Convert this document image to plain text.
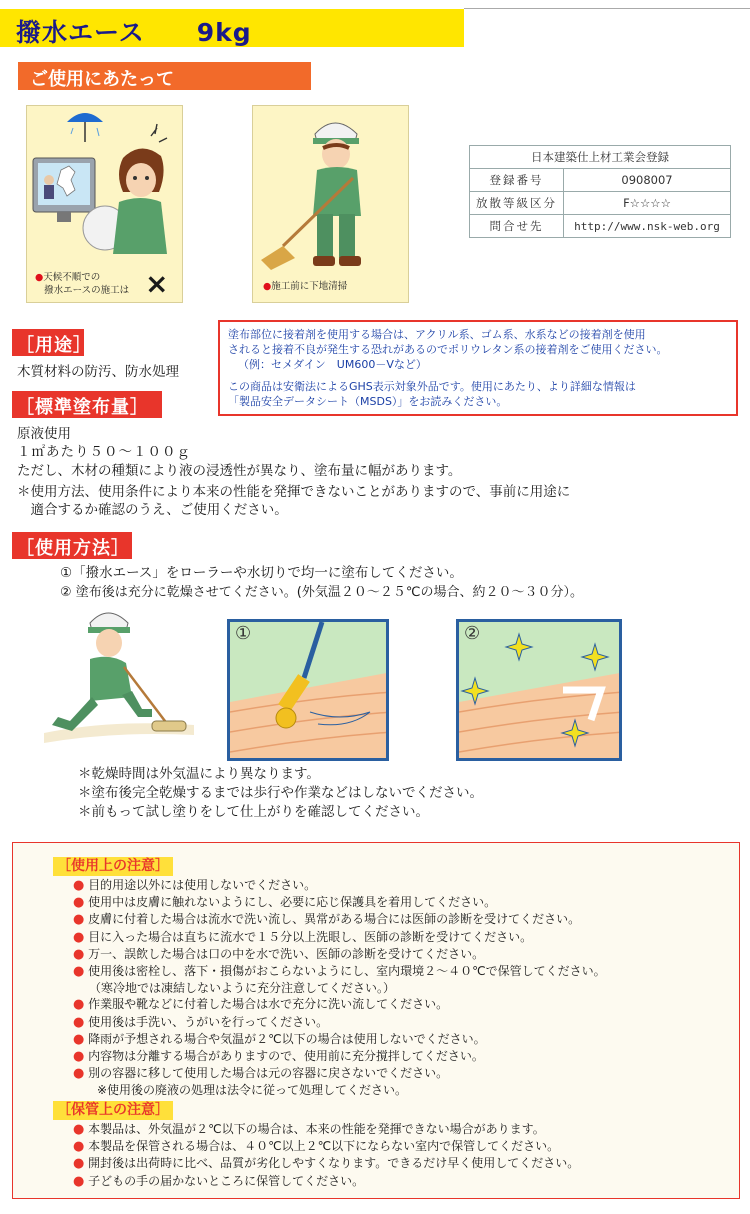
撥水エース　　9kg
ご使用にあたって
●天候不順での
撥水エースの施工は ×	●施工前に下地清掃
日本建築仕上材工業会登録	
登録番号	0908007
放散等級区分	F☆☆☆☆
問合せ先	http://www.nsk-web.org
［用途］
木質材料の防汚、防水処理
塗布部位に接着剤を使用する場合は、アクリル系、ゴム系、水系などの接着剤を使用
されると接着不良が発生する恐れがあるのでポリウレタン系の接着剤をご使用ください。
（例：セメダイン　UM600－Vなど）
この商品は安衛法によるGHS表示対象外品です。使用にあたり、より詳細な情報は
「製品安全データシート（MSDS）」をお読みください。
［標準塗布量］
原液使用
１㎡あたり５０～１００ｇ
ただし、木材の種類により液の浸透性が異なり、塗布量に幅があります。
＊使用方法、使用条件により本来の性能を発揮できないことがありますので、事前に用途に
　適合するか確認のうえ、ご使用ください。
［使用方法］
①「撥水エース」をローラーや水切りで均一に塗布してください。
② 塗布後は充分に乾燥させてください。(外気温２０～２５℃の場合、約２０～３０分）。
①	②
＊乾燥時間は外気温により異なります。
＊塗布後完全乾燥するまでは歩行や作業などはしないでください。
＊前もって試し塗りをして仕上がりを確認してください。
［使用上の注意］
● 目的用途以外には使用しないでください。
● 使用中は皮膚に触れないようにし、必要に応じ保護具を着用してください。
● 皮膚に付着した場合は流水で洗い流し、異常がある場合には医師の診断を受けてください。
● 目に入った場合は直ちに流水で１５分以上洗眼し、医師の診断を受けてください。
● 万一、誤飲した場合は口の中を水で洗い、医師の診断を受けてください。
● 使用後は密栓し、落下・損傷がおこらないようにし、室内環境２～４０℃で保管してください。
（寒冷地では凍結しないように充分注意してください。）
● 作業服や靴などに付着した場合は水で充分に洗い流してください。
● 使用後は手洗い、うがいを行ってください。
● 降雨が予想される場合や気温が２℃以下の場合は使用しないでください。
● 内容物は分離する場合がありますので、使用前に充分撹拌してください。
● 別の容器に移して使用した場合は元の容器に戻さないでください。
※使用後の廃液の処理は法令に従って処理してください。
［保管上の注意］
● 本製品は、外気温が２℃以下の場合は、本来の性能を発揮できない場合があります。
● 本製品を保管される場合は、４０℃以上２℃以下にならない室内で保管してください。
● 開封後は出荷時に比べ、品質が劣化しやすくなります。できるだけ早く使用してください。
● 子どもの手の届かないところに保管してください。
